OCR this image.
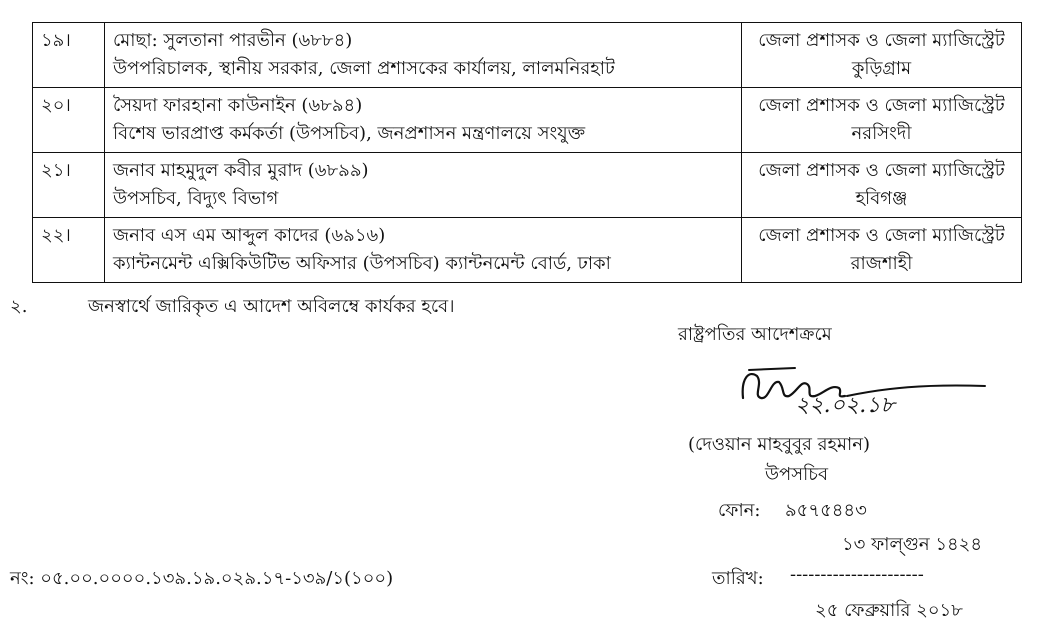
১৯।	মোছা: সুলতানা পারভীন (৬৮৮৪)
উপপরিচালক, স্থানীয় সরকার, জেলা প্রশাসকের কার্যালয়, লালমনিরহাট	জেলা প্রশাসক ও জেলা ম্যাজিস্ট্রেট
কুড়িগ্রাম

২০।	সৈয়দা ফারহানা কাউনাইন (৬৮৯৪)
বিশেষ ভারপ্রাপ্ত কর্মকর্তা (উপসচিব), জনপ্রশাসন মন্ত্রণালয়ে সংযুক্ত	জেলা প্রশাসক ও জেলা ম্যাজিস্ট্রেট
নরসিংদী

২১।	জনাব মাহমুদুল কবীর মুরাদ (৬৮৯৯)
উপসচিব, বিদ্যুৎ বিভাগ	জেলা প্রশাসক ও জেলা ম্যাজিস্ট্রেট
হবিগঞ্জ

২২।	জনাব এস এম আব্দুল কাদের (৬৯১৬)
ক্যান্টনমেন্ট এক্সিকিউটিভ অফিসার (উপসচিব) ক্যান্টনমেন্ট বোর্ড, ঢাকা	জেলা প্রশাসক ও জেলা ম্যাজিস্ট্রেট
রাজশাহী
২.	জনস্বার্থে জারিকৃত এ আদেশ অবিলম্বে কার্যকর হবে।
রাষ্ট্রপতির আদেশক্রমে
২২.০২.১৮
(দেওয়ান মাহবুবুর রহমান)
উপসচিব
ফোন: ৯৫৭৫৪৪৩
১৩ ফাল্গুন ১৪২৪
নং: ০৫.০০.০০০০.১৩৯.১৯.০২৯.১৭-১৩৯/১(১০০)	তারিখ: ----------------------
২৫ ফেব্রুয়ারি ২০১৮
